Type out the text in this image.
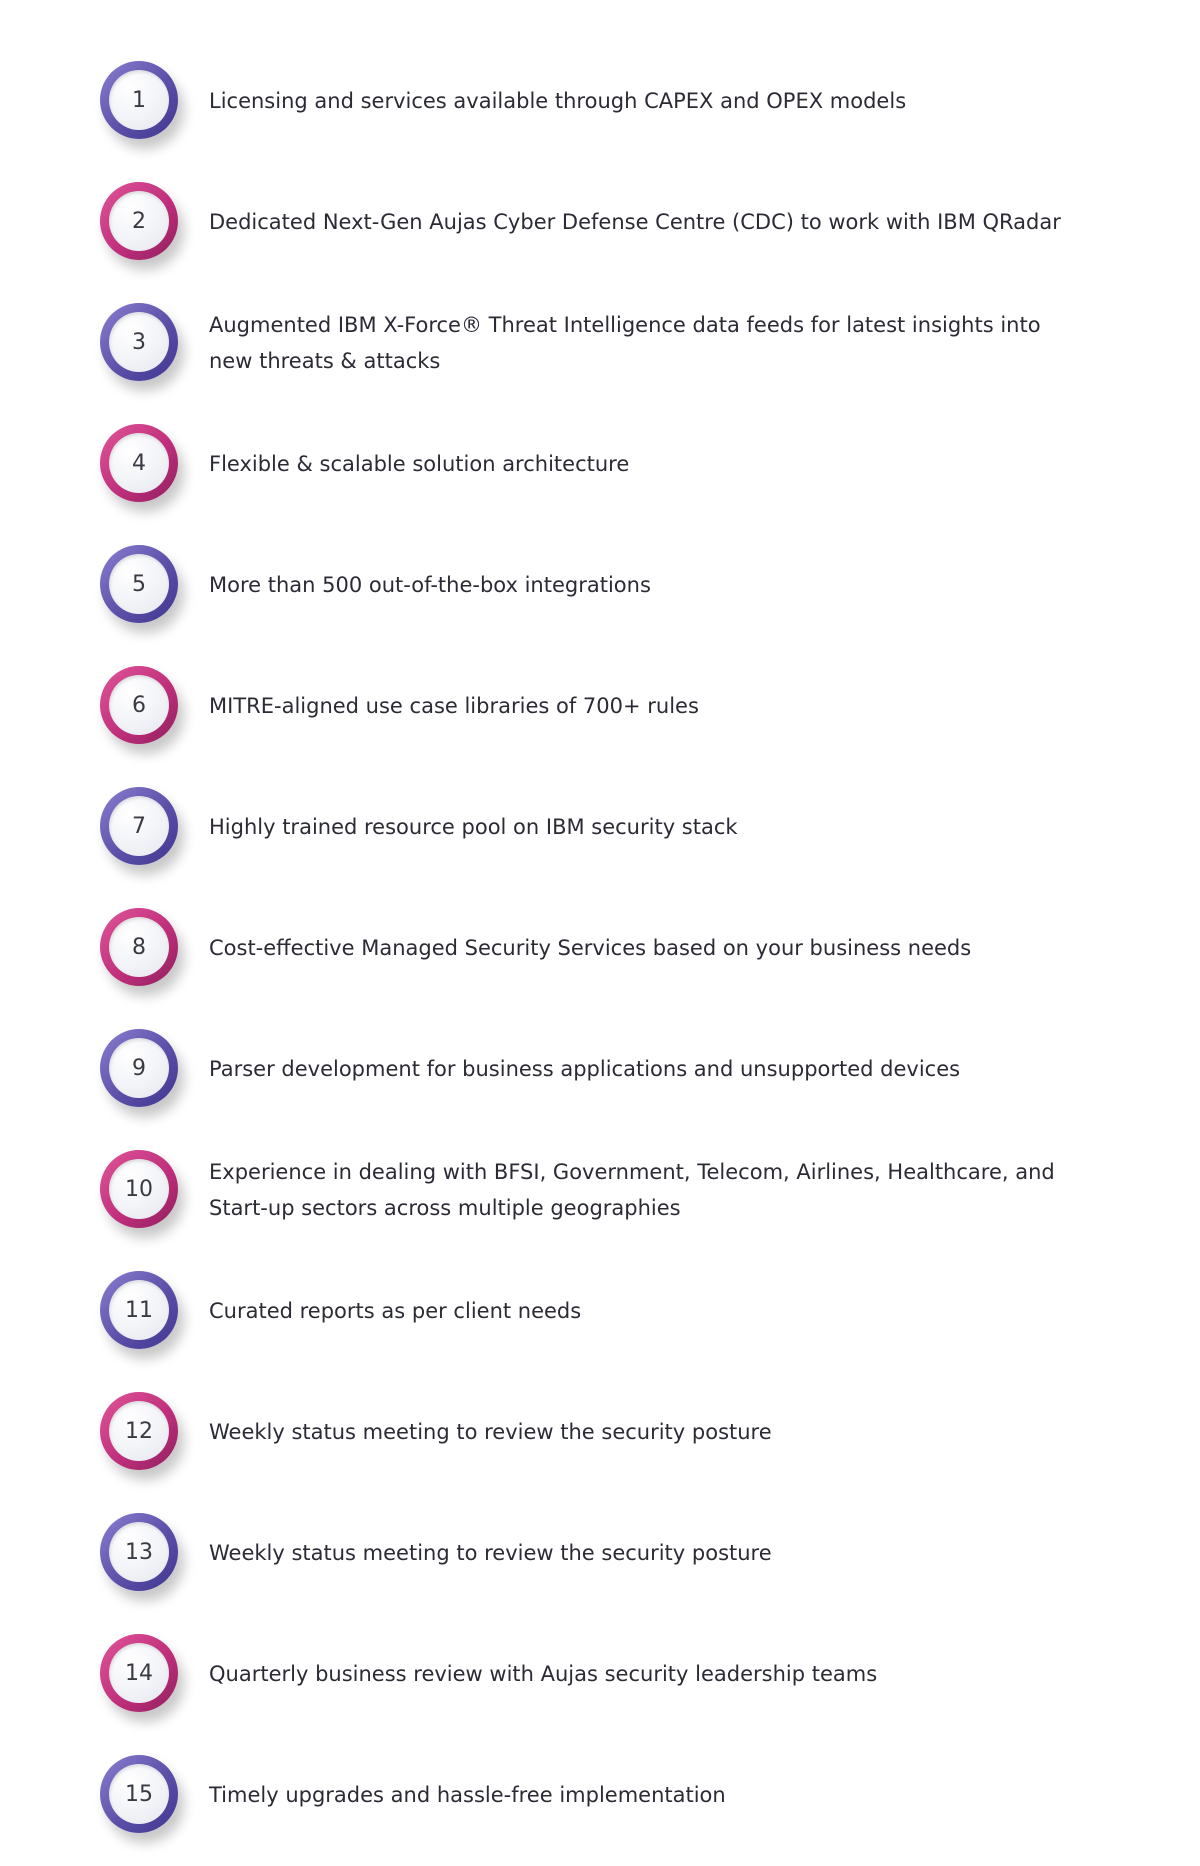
1	Licensing and services available through CAPEX and OPEX models
2	Dedicated Next-Gen Aujas Cyber Defense Centre (CDC) to work with IBM QRadar
3
Augmented IBM X-Force® Threat Intelligence data feeds for latest insights into new threats & attacks
4	Flexible & scalable solution architecture
5	More than 500 out-of-the-box integrations
6	MITRE-aligned use case libraries of 700+ rules
7	Highly trained resource pool on IBM security stack
8	Cost-effective Managed Security Services based on your business needs
9	Parser development for business applications and unsupported devices
10
Experience in dealing with BFSI, Government, Telecom, Airlines, Healthcare, and Start-up sectors across multiple geographies
11	Curated reports as per client needs
12	Weekly status meeting to review the security posture
13	Weekly status meeting to review the security posture
14	Quarterly business review with Aujas security leadership teams
15	Timely upgrades and hassle-free implementation
